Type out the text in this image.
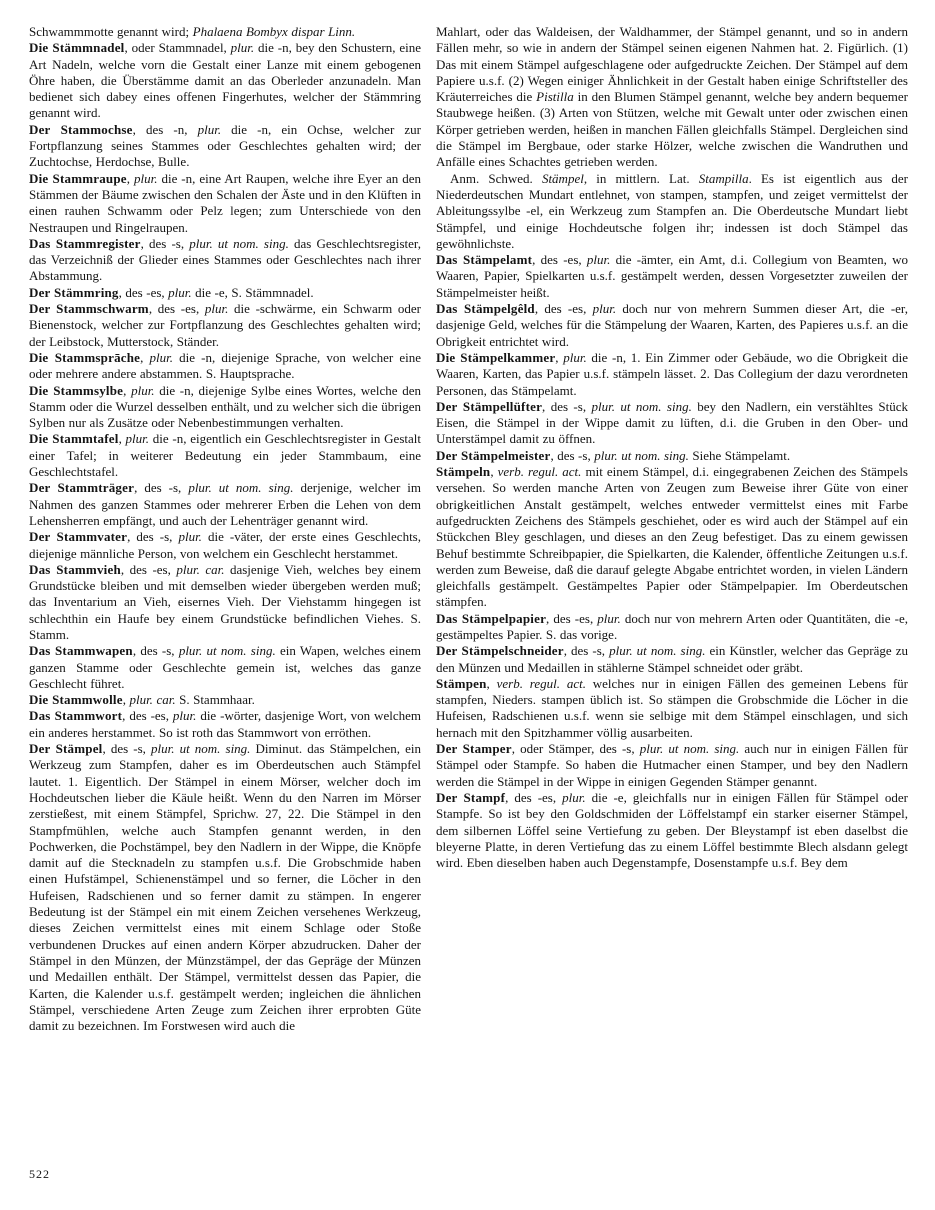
Schwammmotte genannt wird; Phalaena Bombyx dispar Linn.

Die Stämmnadel, oder Stammnadel, plur. die -n, bey den Schustern, eine Art Nadeln, welche vorn die Gestalt einer Lanze mit einem gebogenen Öhre haben, die Überstämme damit an das Oberleder anzunadeln. Man bedienet sich dabey eines offenen Fingerhutes, welcher der Stämmring genannt wird.

Der Stammochse, des -n, plur. die -n, ein Ochse, welcher zur Fortpflanzung seines Stammes oder Geschlechtes gehalten wird; der Zuchtochse, Herdochse, Bulle.

Die Stammraupe, plur. die -n, eine Art Raupen, welche ihre Eyer an den Stämmen der Bäume zwischen den Schalen der Äste und in den Klüften in einen rauhen Schwamm oder Pelz legen; zum Unterschiede von den Nestraupen und Ringelraupen.

Das Stammregister, des -s, plur. ut nom. sing. das Geschlechtsregister, das Verzeichniß der Glieder eines Stammes oder Geschlechtes nach ihrer Abstammung.

Der Stämmring, des -es, plur. die -e, S. Stämmnadel.

Der Stammschwarm, des -es, plur. die -schwärme, ein Schwarm oder Bienenstock, welcher zur Fortpflanzung des Geschlechtes gehalten wird; der Leibstock, Mutterstock, Ständer.

Die Stammsprāche, plur. die -n, diejenige Sprache, von welcher eine oder mehrere andere abstammen. S. Hauptsprache.

Die Stammsylbe, plur. die -n, diejenige Sylbe eines Wortes, welche den Stamm oder die Wurzel desselben enthält, und zu welcher sich die übrigen Sylben nur als Zusätze oder Nebenbestimmungen verhalten.

Die Stammtafel, plur. die -n, eigentlich ein Geschlechtsregister in Gestalt einer Tafel; in weiterer Bedeutung ein jeder Stammbaum, eine Geschlechtstafel.

Der Stammträger, des -s, plur. ut nom. sing. derjenige, welcher im Nahmen des ganzen Stammes oder mehrerer Erben die Lehen von dem Lehensherren empfängt, und auch der Lehenträger genannt wird.

Der Stammvater, des -s, plur. die -väter, der erste eines Geschlechts, diejenige männliche Person, von welchem ein Geschlecht herstammet.

Das Stammvieh, des -es, plur. car. dasjenige Vieh, welches bey einem Grundstücke bleiben und mit demselben wieder übergeben werden muß; das Inventarium an Vieh, eisernes Vieh. Der Viehstamm hingegen ist schlechthin ein Haufe bey einem Grundstücke befindlichen Viehes. S. Stamm.

Das Stammwapen, des -s, plur. ut nom. sing. ein Wapen, welches einem ganzen Stamme oder Geschlechte gemein ist, welches das ganze Geschlecht führet.

Die Stammwolle, plur. car. S. Stammhaar.

Das Stammwort, des -es, plur. die -wörter, dasjenige Wort, von welchem ein anderes herstammet. So ist roth das Stammwort von erröthen.

Der Stämpel, des -s, plur. ut nom. sing. Diminut. das Stämpelchen, ein Werkzeug zum Stampfen, daher es im Oberdeutschen auch Stämpfel lautet. 1. Eigentlich. Der Stämpel in einem Mörser, welcher doch im Hochdeutschen lieber die Käule heißt. Wenn du den Narren im Mörser zerstießest, mit einem Stämpfel, Sprichw. 27, 22. Die Stämpel in den Stampfmühlen, welche auch Stampfen genannt werden, in den Pochwerken, die Pochstämpel, bey den Nadlern in der Wippe, die Knöpfe damit auf die Stecknadeln zu stampfen u.s.f. Die Grobschmide haben einen Hufstämpel, Schienenstämpel und so ferner, die Löcher in den Hufeisen, Radschienen und so ferner damit zu stämpen. In engerer Bedeutung ist der Stämpel ein mit einem Zeichen versehenes Werkzeug, dieses Zeichen vermittelst eines mit einem Schlage oder Stoße verbundenen Druckes auf einen andern Körper abzudrucken. Daher der Stämpel in den Münzen, der Münzstämpel, der das Gepräge der Münzen und Medaillen enthält. Der Stämpel, vermittelst dessen das Papier, die Karten, die Kalender u.s.f. gestämpelt werden; ingleichen die ähnlichen Stämpel, verschiedene Arten Zeuge zum Zeichen ihrer erprobten Güte damit zu bezeichnen. Im Forstwesen wird auch die

Mahlart, oder das Waldeisen, der Waldhammer, der Stämpel genannt, und so in andern Fällen mehr, so wie in andern der Stämpel seinen eigenen Nahmen hat. 2. Figürlich. (1) Das mit einem Stämpel aufgeschlagene oder aufgedruckte Zeichen. Der Stämpel auf dem Papiere u.s.f. (2) Wegen einiger Ähnlichkeit in der Gestalt haben einige Schriftsteller des Kräuterreiches die Pistilla in den Blumen Stämpel genannt, welche bey andern bequemer Staubwege heißen. (3) Arten von Stützen, welche mit Gewalt unter oder zwischen einen Körper getrieben werden, heißen in manchen Fällen gleichfalls Stämpel. Dergleichen sind die Stämpel im Bergbaue, oder starke Hölzer, welche zwischen die Wandruthen und Anfälle eines Schachtes getrieben werden.

Anm. Schwed. Stämpel, in mittlern. Lat. Stampilla. Es ist eigentlich aus der Niederdeutschen Mundart entlehnet, von stampen, stampfen, und zeiget vermittelst der Ableitungssylbe -el, ein Werkzeug zum Stampfen an. Die Oberdeutsche Mundart liebt Stämpfel, und einige Hochdeutsche folgen ihr; indessen ist doch Stämpel das gewöhnlichste.

Das Stämpelamt, des -es, plur. die -ämter, ein Amt, d.i. Collegium von Beamten, wo Waaren, Papier, Spielkarten u.s.f. gestämpelt werden, dessen Vorgesetzter zuweilen der Stämpelmeister heißt.

Das Stämpelgêld, des -es, plur. doch nur von mehrern Summen dieser Art, die -er, dasjenige Geld, welches für die Stämpelung der Waaren, Karten, des Papieres u.s.f. an die Obrigkeit entrichtet wird.

Die Stämpelkammer, plur. die -n, 1. Ein Zimmer oder Gebäude, wo die Obrigkeit die Waaren, Karten, das Papier u.s.f. stämpeln lässet. 2. Das Collegium der dazu verordneten Personen, das Stämpelamt.

Der Stämpellüfter, des -s, plur. ut nom. sing. bey den Nadlern, ein verstähltes Stück Eisen, die Stämpel in der Wippe damit zu lüften, d.i. die Gruben in den Ober- und Unterstämpel damit zu öffnen.

Der Stämpelmeister, des -s, plur. ut nom. sing. Siehe Stämpelamt.

Stämpeln, verb. regul. act. mit einem Stämpel, d.i. eingegrabenen Zeichen des Stämpels versehen. So werden manche Arten von Zeugen zum Beweise ihrer Güte von einer obrigkeitlichen Anstalt gestämpelt, welches entweder vermittelst eines mit Farbe aufgedruckten Zeichens des Stämpels geschiehet, oder es wird auch der Stämpel auf ein Stückchen Bley geschlagen, und dieses an den Zeug befestiget. Das zu einem gewissen Behuf bestimmte Schreibpapier, die Spielkarten, die Kalender, öffentliche Zeitungen u.s.f. werden zum Beweise, daß die darauf gelegte Abgabe entrichtet worden, in vielen Ländern gleichfalls gestämpelt. Gestämpeltes Papier oder Stämpelpapier. Im Oberdeutschen stämpfen.

Das Stämpelpapier, des -es, plur. doch nur von mehrern Arten oder Quantitäten, die -e, gestämpeltes Papier. S. das vorige.

Der Stämpelschneider, des -s, plur. ut nom. sing. ein Künstler, welcher das Gepräge zu den Münzen und Medaillen in stählerne Stämpel schneidet oder gräbt.

Stämpen, verb. regul. act. welches nur in einigen Fällen des gemeinen Lebens für stampfen, Nieders. stampen üblich ist. So stämpen die Grobschmide die Löcher in die Hufeisen, Radschienen u.s.f. wenn sie selbige mit dem Stämpel einschlagen, und sich hernach mit den Spitzhammer völlig ausarbeiten.

Der Stamper, oder Stämper, des -s, plur. ut nom. sing. auch nur in einigen Fällen für Stämpel oder Stampfe. So haben die Hutmacher einen Stamper, und bey den Nadlern werden die Stämpel in der Wippe in einigen Gegenden Stämper genannt.

Der Stampf, des -es, plur. die -e, gleichfalls nur in einigen Fällen für Stämpel oder Stampfe. So ist bey den Goldschmiden der Löffelstampf ein starker eiserner Stämpel, dem silbernen Löffel seine Vertiefung zu geben. Der Bleystampf ist eben daselbst die bleyerne Platte, in deren Vertiefung das zu einem Löffel bestimmte Blech alsdann gelegt wird. Eben dieselben haben auch Degenstampfe, Dosenstampfe u.s.f. Bey dem

522
